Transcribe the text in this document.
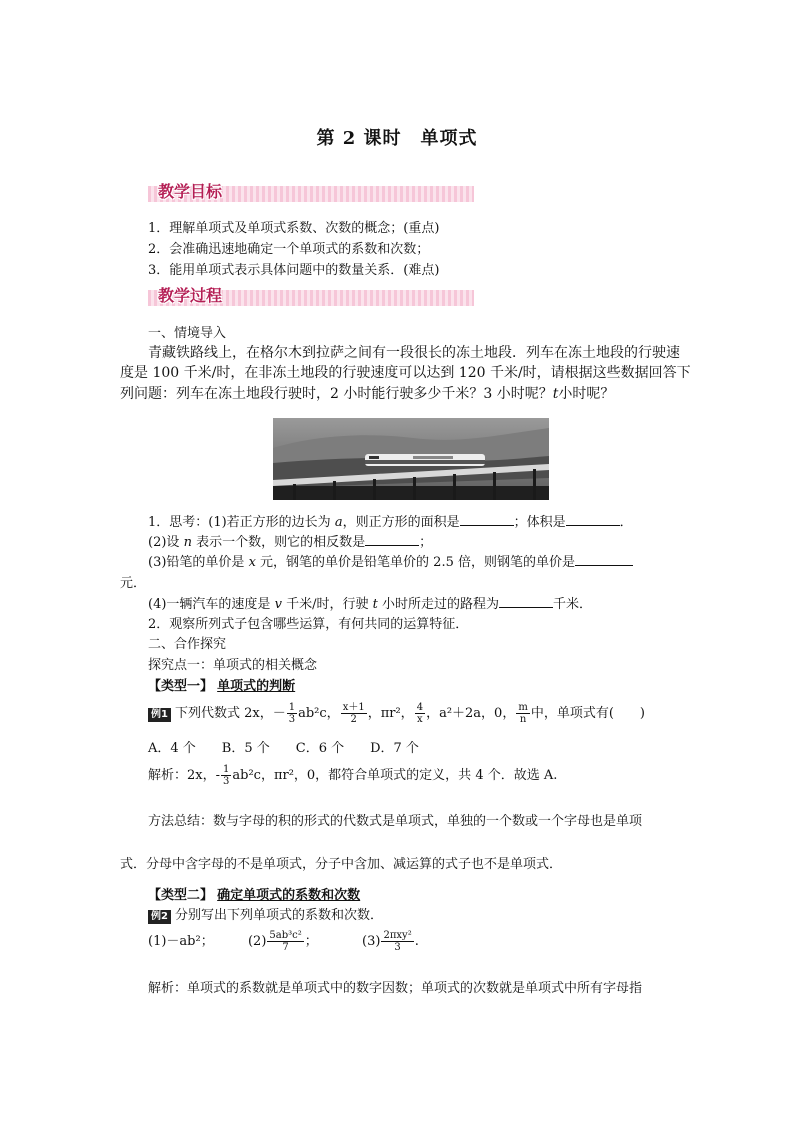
第 2 课时　单项式
教学目标
1．理解单项式及单项式系数、次数的概念；(重点)
2．会准确迅速地确定一个单项式的系数和次数；
3．能用单项式表示具体问题中的数量关系．(难点)
教学过程
一、情境导入
青藏铁路线上，在格尔木到拉萨之间有一段很长的冻土地段．列车在冻土地段的行驶速
度是 100 千米/时，在非冻土地段的行驶速度可以达到 120 千米/时，请根据这些数据回答下
列问题：列车在冻土地段行驶时，2 小时能行驶多少千米？3 小时呢？t小时呢？
1．思考：(1)若正方形的边长为 a，则正方形的面积是	；体积是	．
(2)设 n 表示一个数，则它的相反数是	；
(3)铅笔的单价是 x 元，钢笔的单价是铅笔单价的 2.5 倍，则钢笔的单价是
元．
(4)一辆汽车的速度是 v 千米/时，行驶 t 小时所走过的路程为	千米．
2．观察所列式子包含哪些运算，有何共同的运算特征．
二、合作探究
探究点一：单项式的相关概念
【类型一】 单项式的判断
例1 下列代数式 2x，－ $\frac{1}{3} ab^2c$， $\frac{x+1}{2}$ ，πr²， $\frac{4}{x}$ ，a²＋2a，0， $\frac{m}{n}$ 中，单项式有(　　)
A．4 个　　B．5 个　　C．6 个　　D．7 个
解析：2x，- $\frac{1}{3} ab^2c$，πr²，0，都符合单项式的定义，共 4 个．故选 A.
方法总结：数与字母的积的形式的代数式是单项式，单独的一个数或一个字母也是单项
式．分母中含字母的不是单项式，分子中含加、减运算的式子也不是单项式．
【类型二】 确定单项式的系数和次数
例2 分别写出下列单项式的系数和次数．
(1)－ab²；	$(2) \frac{\text{5ab³c²}}{7}$ ；	$(3) \frac{\text{2πxy²}}{3}$ .
解析：单项式的系数就是单项式中的数字因数；单项式的次数就是单项式中所有字母指
